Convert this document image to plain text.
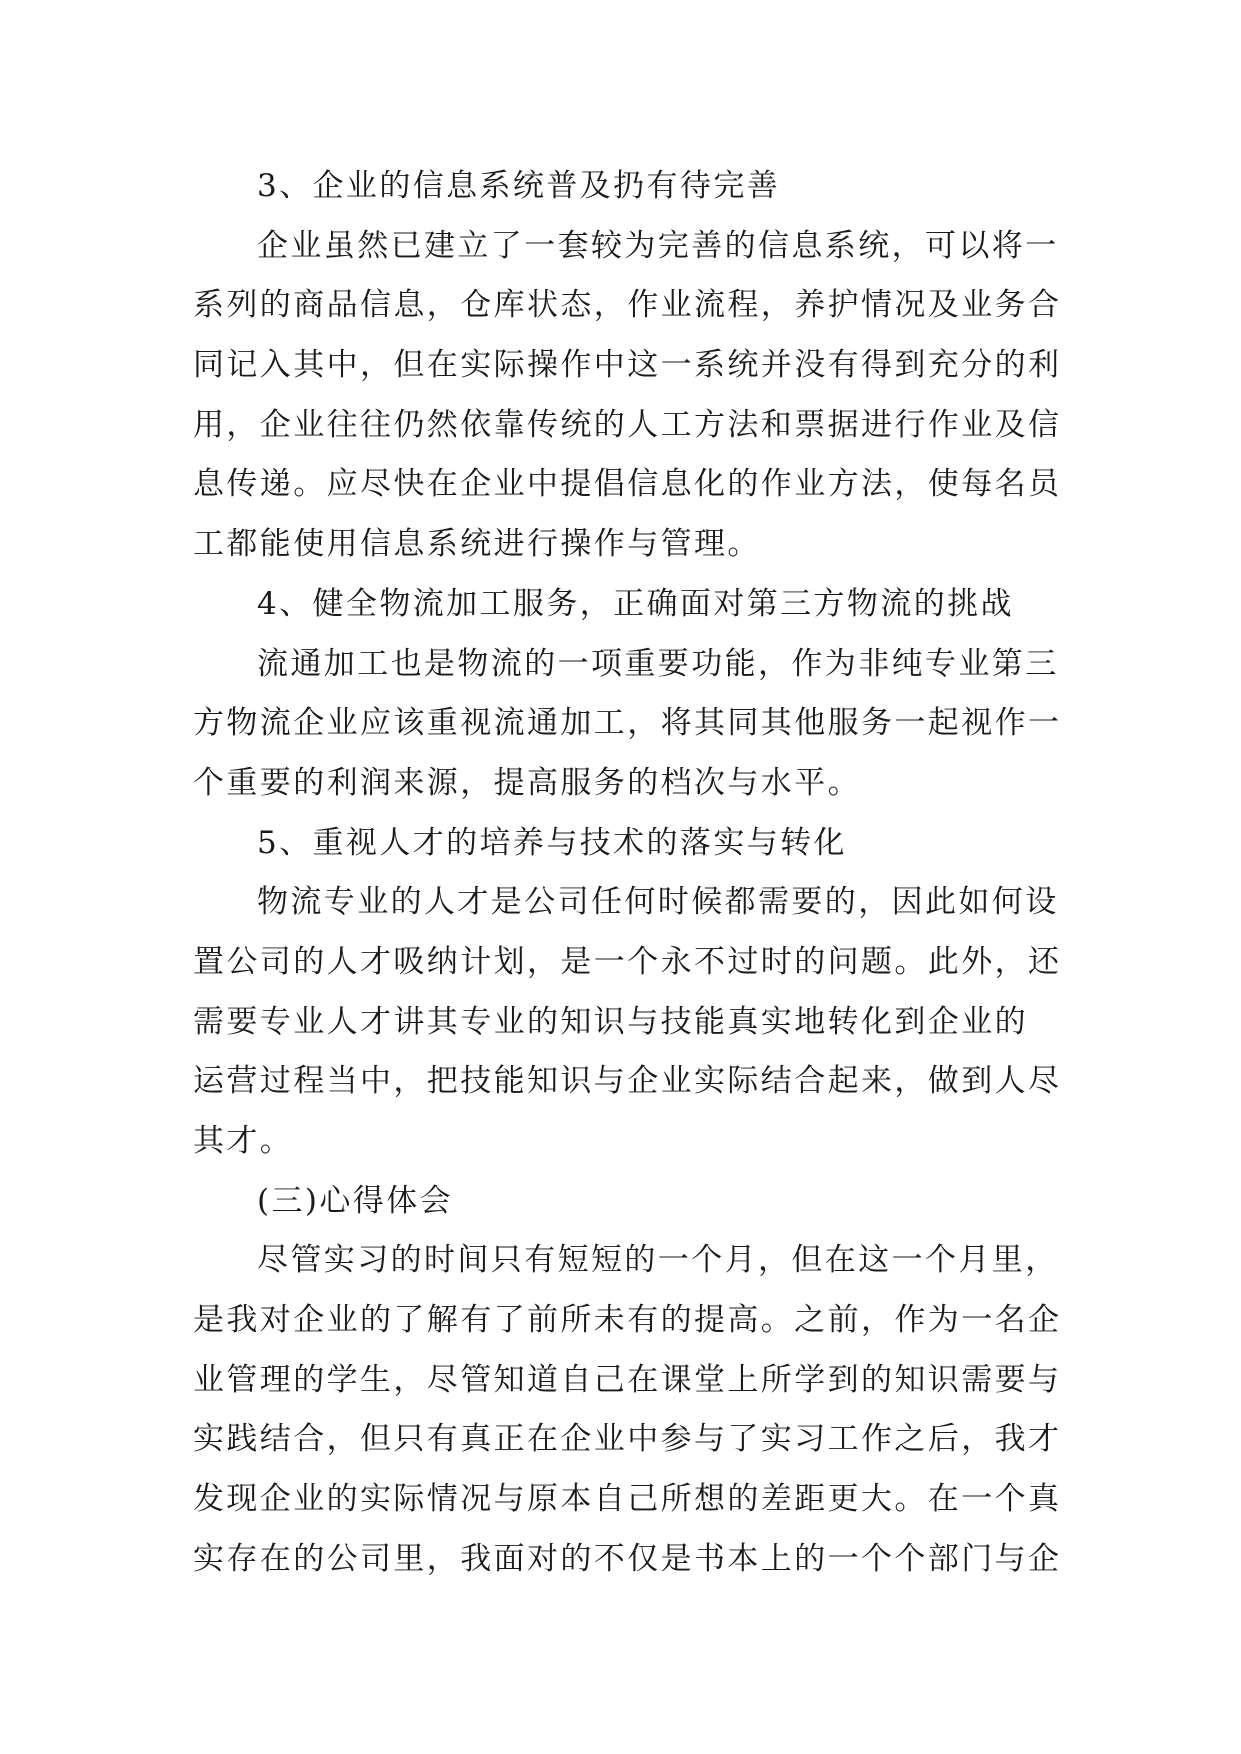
3、企业的信息系统普及扔有待完善
企业虽然已建立了一套较为完善的信息系统，可以将一
系列的商品信息，仓库状态，作业流程，养护情况及业务合
同记入其中，但在实际操作中这一系统并没有得到充分的利
用，企业往往仍然依靠传统的人工方法和票据进行作业及信
息传递。应尽快在企业中提倡信息化的作业方法，使每名员
工都能使用信息系统进行操作与管理。
4、健全物流加工服务，正确面对第三方物流的挑战
流通加工也是物流的一项重要功能，作为非纯专业第三
方物流企业应该重视流通加工，将其同其他服务一起视作一
个重要的利润来源，提高服务的档次与水平。
5、重视人才的培养与技术的落实与转化
物流专业的人才是公司任何时候都需要的，因此如何设
置公司的人才吸纳计划，是一个永不过时的问题。此外，还
需要专业人才讲其专业的知识与技能真实地转化到企业的
运营过程当中，把技能知识与企业实际结合起来，做到人尽
其才。
(三)心得体会
尽管实习的时间只有短短的一个月，但在这一个月里，
是我对企业的了解有了前所未有的提高。之前，作为一名企
业管理的学生，尽管知道自己在课堂上所学到的知识需要与
实践结合，但只有真正在企业中参与了实习工作之后，我才
发现企业的实际情况与原本自己所想的差距更大。在一个真
实存在的公司里，我面对的不仅是书本上的一个个部门与企
